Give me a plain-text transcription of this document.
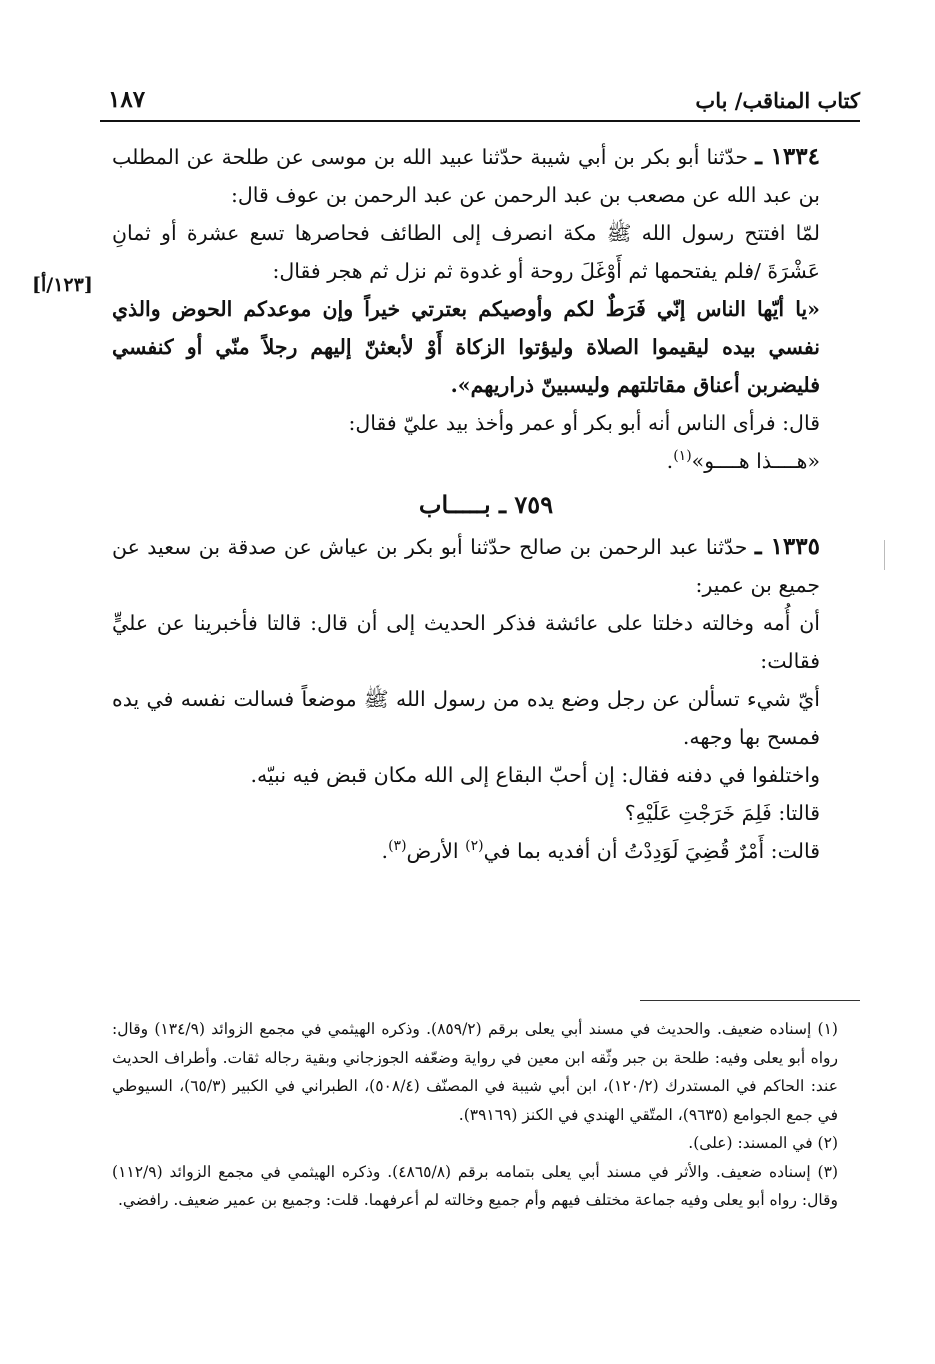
كتاب المناقب/ باب
١٨٧
[١٢٣/أ]

١٣٣٤ ـ حدّثنا أبو بكر بن أبي شيبة حدّثنا عبيد الله بن موسى عن طلحة عن المطلب بن عبد الله عن مصعب بن عبد الرحمن عن عبد الرحمن بن عوف قال:

لمّا افتتح رسول الله ﷺ مكة انصرف إلى الطائف فحاصرها تسع عشرة أو ثمانِ عَشْرَةَ /فلم يفتحمها ثم أَوْغَلَ روحة أو غدوة ثم نزل ثم هجر فقال:

«يا أيّها الناس إنّي فَرَطٌ لكم وأوصيكم بعترتي خيراً وإن موعدكم الحوض والذي نفسي بيده ليقيموا الصلاة وليؤتوا الزكاة أَوْ لأبعثنّ إليهم رجلاً منّي أو كنفسي فليضربن أعناق مقاتلتهم وليسبينّ ذراريهم».

قال: فرأى الناس أنه أبو بكر أو عمر وأخذ بيد عليّ فقال:

«هــــذا هــــو»$^{(١)}$.

٧٥٩ ـ بـــــاب

١٣٣٥ ـ حدّثنا عبد الرحمن بن صالح حدّثنا أبو بكر بن عياش عن صدقة بن سعيد عن جميع بن عمير:

أن أُمه وخالته دخلتا على عائشة فذكر الحديث إلى أن قال: قالتا فأخبرينا عن عليٍّ فقالت:

أيّ شيء تسألن عن رجل وضع يده من رسول الله ﷺ موضعاً فسالت نفسه في يده فمسح بها وجهه.

واختلفوا في دفنه فقال: إن أحبّ البقاع إلى الله مكان قبض فيه نبيّه.

قالتا: فَلِمَ خَرَجْتِ عَلَيْهِ؟

قالت: أَمْرٌ قُضِيَ لَوَدِدْتُ أن أفديه بما في$^{(٢)}$ الأرض$^{(٣)}$.

(١) إسناده ضعيف. والحديث في مسند أبي يعلى برقم (٨٥٩/٢). وذكره الهيثمي في مجمع الزوائد (١٣٤/٩) وقال: رواه أبو يعلى وفيه: طلحة بن جبر وثّقه ابن معين في رواية وضعّفه الجوزجاني وبقية رجاله ثقات. وأطراف الحديث عند: الحاكم في المستدرك (١٢٠/٢)، ابن أبي شيبة في المصنّف (٥٠٨/٤)، الطبراني في الكبير (٦٥/٣)، السيوطي في جمع الجوامع (٩٦٣٥)، المتّقي الهندي في الكنز (٣٩١٦٩).

(٢) في المسند: (على).

(٣) إسناده ضعيف. والأثر في مسند أبي يعلى بتمامه برقم (٤٨٦٥/٨). وذكره الهيثمي في مجمع الزوائد (١١٢/٩) وقال: رواه أبو يعلى وفيه جماعة مختلف فيهم وأم جميع وخالته لم أعرفهما. قلت: وجميع بن عمير ضعيف. رافضي.
